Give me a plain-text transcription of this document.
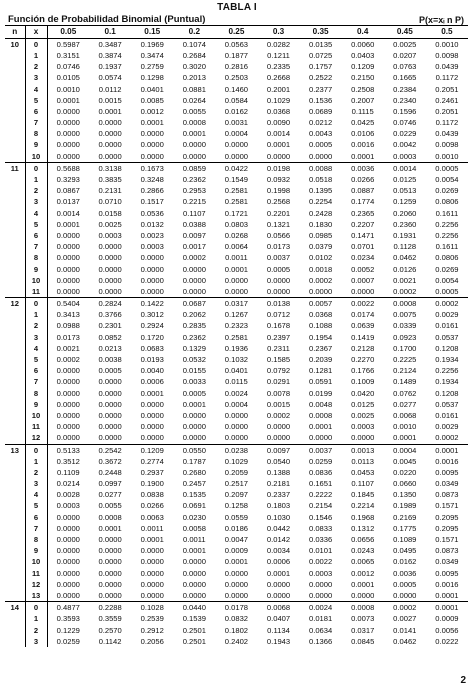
TABLA I
Función de Probabilidad Binomial (Puntual)	P(x=xᵢ n P)
n	x	0.05	0.1	0.15	0.2	0.25	0.3	0.35	0.4	0.45	0.5
10	0	0.5987	0.3487	0.1969	0.1074	0.0563	0.0282	0.0135	0.0060	0.0025	0.0010
	1	0.3151	0.3874	0.3474	0.2684	0.1877	0.1211	0.0725	0.0403	0.0207	0.0098
	2	0.0746	0.1937	0.2759	0.3020	0.2816	0.2335	0.1757	0.1209	0.0763	0.0439
	3	0.0105	0.0574	0.1298	0.2013	0.2503	0.2668	0.2522	0.2150	0.1665	0.1172
	4	0.0010	0.0112	0.0401	0.0881	0.1460	0.2001	0.2377	0.2508	0.2384	0.2051
	5	0.0001	0.0015	0.0085	0.0264	0.0584	0.1029	0.1536	0.2007	0.2340	0.2461
	6	0.0000	0.0001	0.0012	0.0055	0.0162	0.0368	0.0689	0.1115	0.1596	0.2051
	7	0.0000	0.0000	0.0001	0.0008	0.0031	0.0090	0.0212	0.0425	0.0746	0.1172
	8	0.0000	0.0000	0.0000	0.0001	0.0004	0.0014	0.0043	0.0106	0.0229	0.0439
	9	0.0000	0.0000	0.0000	0.0000	0.0000	0.0001	0.0005	0.0016	0.0042	0.0098
	10	0.0000	0.0000	0.0000	0.0000	0.0000	0.0000	0.0000	0.0001	0.0003	0.0010
11	0	0.5688	0.3138	0.1673	0.0859	0.0422	0.0198	0.0088	0.0036	0.0014	0.0005
	1	0.3293	0.3835	0.3248	0.2362	0.1549	0.0932	0.0518	0.0266	0.0125	0.0054
	2	0.0867	0.2131	0.2866	0.2953	0.2581	0.1998	0.1395	0.0887	0.0513	0.0269
	3	0.0137	0.0710	0.1517	0.2215	0.2581	0.2568	0.2254	0.1774	0.1259	0.0806
	4	0.0014	0.0158	0.0536	0.1107	0.1721	0.2201	0.2428	0.2365	0.2060	0.1611
	5	0.0001	0.0025	0.0132	0.0388	0.0803	0.1321	0.1830	0.2207	0.2360	0.2256
	6	0.0000	0.0003	0.0023	0.0097	0.0268	0.0566	0.0985	0.1471	0.1931	0.2256
	7	0.0000	0.0000	0.0003	0.0017	0.0064	0.0173	0.0379	0.0701	0.1128	0.1611
	8	0.0000	0.0000	0.0000	0.0002	0.0011	0.0037	0.0102	0.0234	0.0462	0.0806
	9	0.0000	0.0000	0.0000	0.0000	0.0001	0.0005	0.0018	0.0052	0.0126	0.0269
	10	0.0000	0.0000	0.0000	0.0000	0.0000	0.0000	0.0002	0.0007	0.0021	0.0054
	11	0.0000	0.0000	0.0000	0.0000	0.0000	0.0000	0.0000	0.0000	0.0002	0.0005
12	0	0.5404	0.2824	0.1422	0.0687	0.0317	0.0138	0.0057	0.0022	0.0008	0.0002
	1	0.3413	0.3766	0.3012	0.2062	0.1267	0.0712	0.0368	0.0174	0.0075	0.0029
	2	0.0988	0.2301	0.2924	0.2835	0.2323	0.1678	0.1088	0.0639	0.0339	0.0161
	3	0.0173	0.0852	0.1720	0.2362	0.2581	0.2397	0.1954	0.1419	0.0923	0.0537
	4	0.0021	0.0213	0.0683	0.1329	0.1936	0.2311	0.2367	0.2128	0.1700	0.1208
	5	0.0002	0.0038	0.0193	0.0532	0.1032	0.1585	0.2039	0.2270	0.2225	0.1934
	6	0.0000	0.0005	0.0040	0.0155	0.0401	0.0792	0.1281	0.1766	0.2124	0.2256
	7	0.0000	0.0000	0.0006	0.0033	0.0115	0.0291	0.0591	0.1009	0.1489	0.1934
	8	0.0000	0.0000	0.0001	0.0005	0.0024	0.0078	0.0199	0.0420	0.0762	0.1208
	9	0.0000	0.0000	0.0000	0.0001	0.0004	0.0015	0.0048	0.0125	0.0277	0.0537
	10	0.0000	0.0000	0.0000	0.0000	0.0000	0.0002	0.0008	0.0025	0.0068	0.0161
	11	0.0000	0.0000	0.0000	0.0000	0.0000	0.0000	0.0001	0.0003	0.0010	0.0029
	12	0.0000	0.0000	0.0000	0.0000	0.0000	0.0000	0.0000	0.0000	0.0001	0.0002
13	0	0.5133	0.2542	0.1209	0.0550	0.0238	0.0097	0.0037	0.0013	0.0004	0.0001
	1	0.3512	0.3672	0.2774	0.1787	0.1029	0.0540	0.0259	0.0113	0.0045	0.0016
	2	0.1109	0.2448	0.2937	0.2680	0.2059	0.1388	0.0836	0.0453	0.0220	0.0095
	3	0.0214	0.0997	0.1900	0.2457	0.2517	0.2181	0.1651	0.1107	0.0660	0.0349
	4	0.0028	0.0277	0.0838	0.1535	0.2097	0.2337	0.2222	0.1845	0.1350	0.0873
	5	0.0003	0.0055	0.0266	0.0691	0.1258	0.1803	0.2154	0.2214	0.1989	0.1571
	6	0.0000	0.0008	0.0063	0.0230	0.0559	0.1030	0.1546	0.1968	0.2169	0.2095
	7	0.0000	0.0001	0.0011	0.0058	0.0186	0.0442	0.0833	0.1312	0.1775	0.2095
	8	0.0000	0.0000	0.0001	0.0011	0.0047	0.0142	0.0336	0.0656	0.1089	0.1571
	9	0.0000	0.0000	0.0000	0.0001	0.0009	0.0034	0.0101	0.0243	0.0495	0.0873
	10	0.0000	0.0000	0.0000	0.0000	0.0001	0.0006	0.0022	0.0065	0.0162	0.0349
	11	0.0000	0.0000	0.0000	0.0000	0.0000	0.0001	0.0003	0.0012	0.0036	0.0095
	12	0.0000	0.0000	0.0000	0.0000	0.0000	0.0000	0.0000	0.0001	0.0005	0.0016
	13	0.0000	0.0000	0.0000	0.0000	0.0000	0.0000	0.0000	0.0000	0.0000	0.0001
14	0	0.4877	0.2288	0.1028	0.0440	0.0178	0.0068	0.0024	0.0008	0.0002	0.0001
	1	0.3593	0.3559	0.2539	0.1539	0.0832	0.0407	0.0181	0.0073	0.0027	0.0009
	2	0.1229	0.2570	0.2912	0.2501	0.1802	0.1134	0.0634	0.0317	0.0141	0.0056
	3	0.0259	0.1142	0.2056	0.2501	0.2402	0.1943	0.1366	0.0845	0.0462	0.0222
2
